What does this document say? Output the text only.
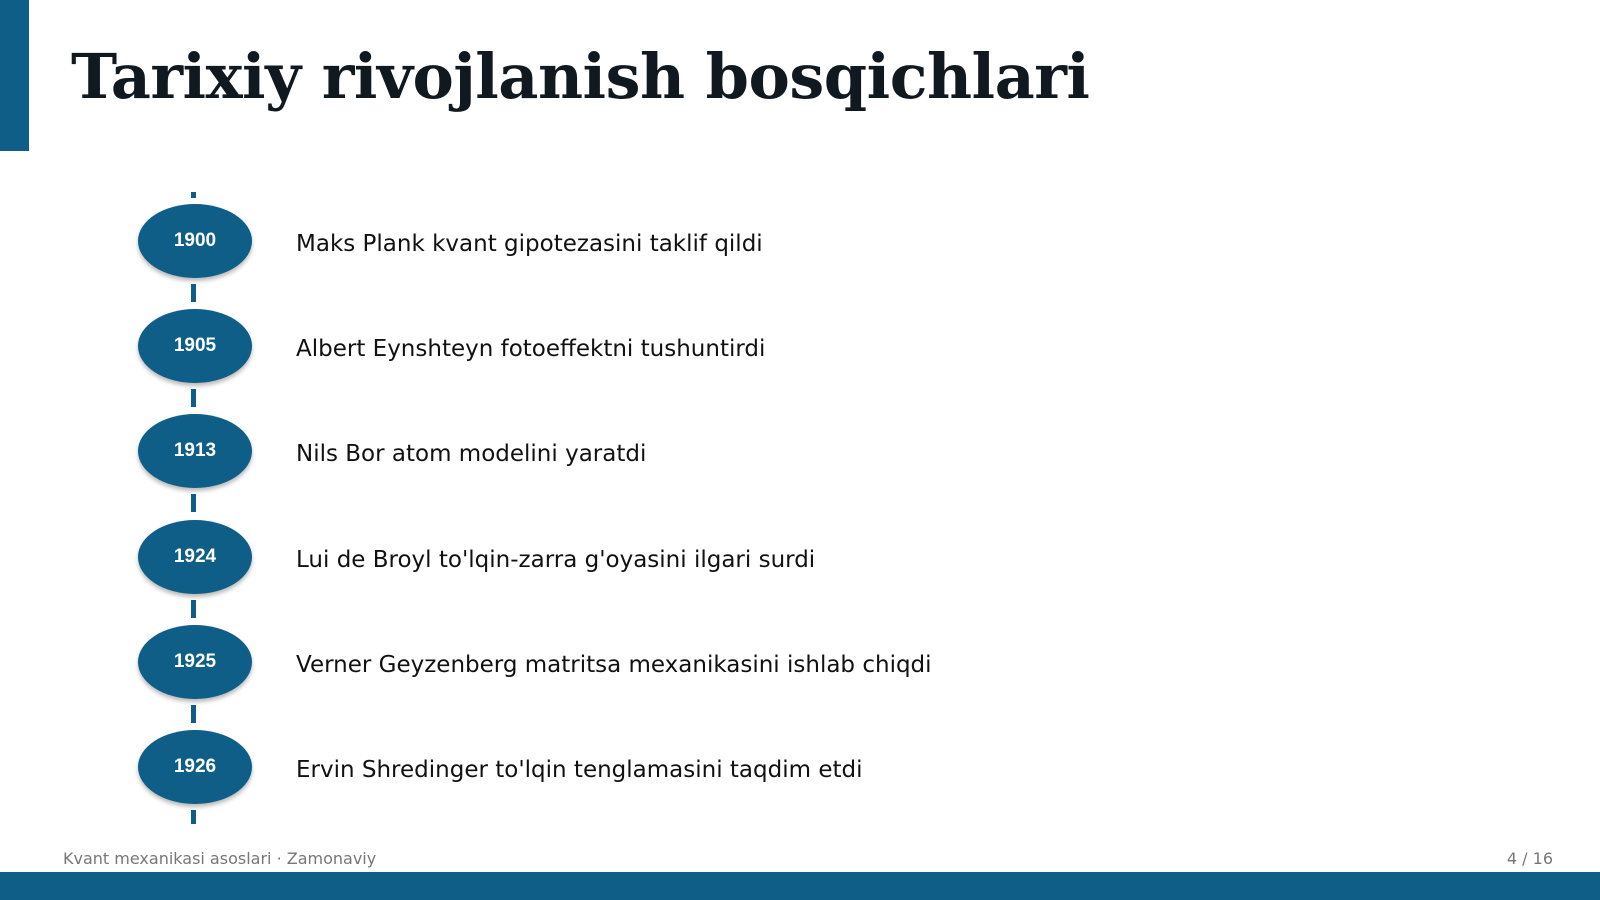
Tarixiy rivojlanish bosqichlari
1900	Maks Plank kvant gipotezasini taklif qildi
1905	Albert Eynshteyn fotoeffektni tushuntirdi
1913	Nils Bor atom modelini yaratdi
1924	Lui de Broyl to'lqin-zarra g'oyasini ilgari surdi
1925	Verner Geyzenberg matritsa mexanikasini ishlab chiqdi
1926	Ervin Shredinger to'lqin tenglamasini taqdim etdi
Kvant mexanikasi asoslari · Zamonaviy	4 / 16
